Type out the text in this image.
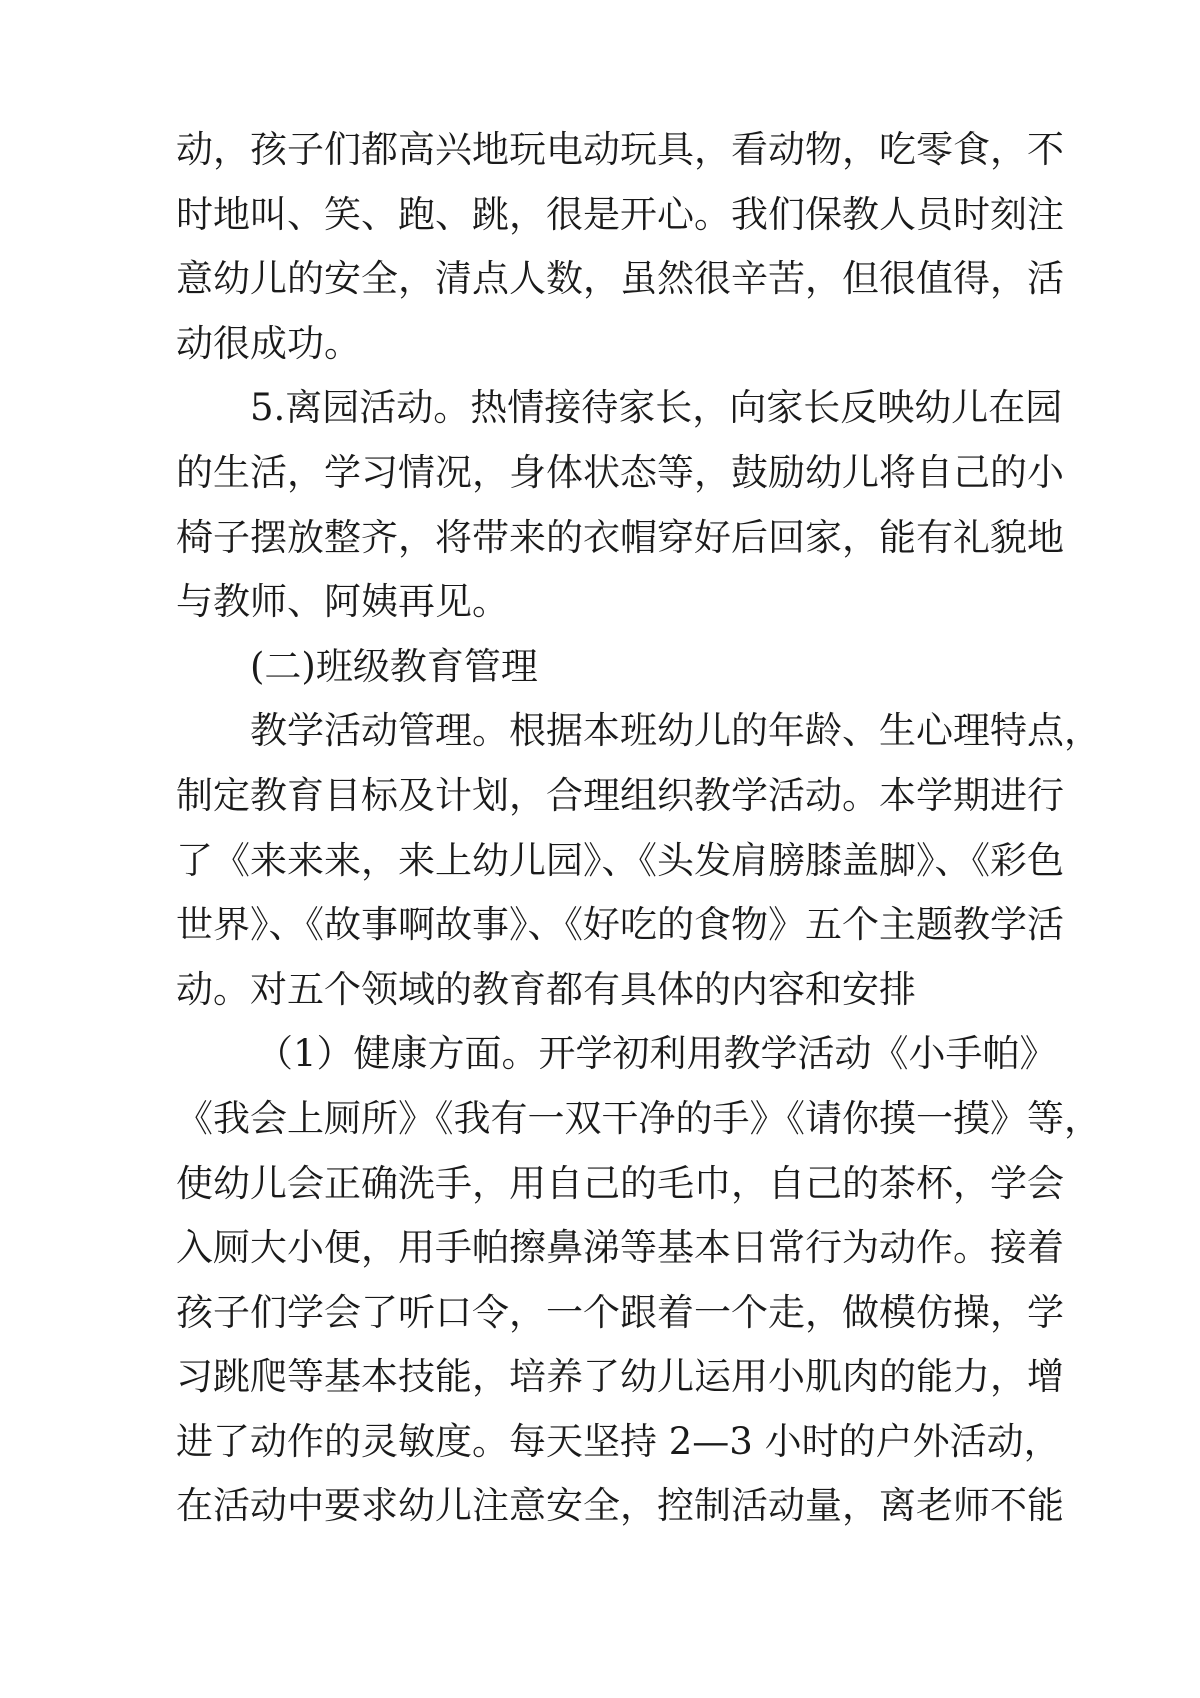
动，孩子们都高兴地玩电动玩具，看动物，吃零食，不
时地叫、笑、跑、跳，很是开心。我们保教人员时刻注
意幼儿的安全，清点人数，虽然很辛苦，但很值得，活
动很成功。
5.离园活动。热情接待家长，向家长反映幼儿在园
的生活，学习情况，身体状态等，鼓励幼儿将自己的小
椅子摆放整齐，将带来的衣帽穿好后回家，能有礼貌地
与教师、阿姨再见。
(二)班级教育管理
教学活动管理。根据本班幼儿的年龄、生心理特点，
制定教育目标及计划，合理组织教学活动。本学期进行
了《来来来，来上幼儿园》、《头发肩膀膝盖脚》、《彩色
世界》、《故事啊故事》、《好吃的食物》五个主题教学活
动。对五个领域的教育都有具体的内容和安排
（1）健康方面。开学初利用教学活动《小手帕》
《我会上厕所》《我有一双干净的手》《请你摸一摸》等，
使幼儿会正确洗手，用自己的毛巾，自己的茶杯，学会
入厕大小便，用手帕擦鼻涕等基本日常行为动作。接着
孩子们学会了听口令，一个跟着一个走，做模仿操，学
习跳爬等基本技能，培养了幼儿运用小肌肉的能力，增
进了动作的灵敏度。每天坚持 2—3 小时的户外活动，
在活动中要求幼儿注意安全，控制活动量，离老师不能
